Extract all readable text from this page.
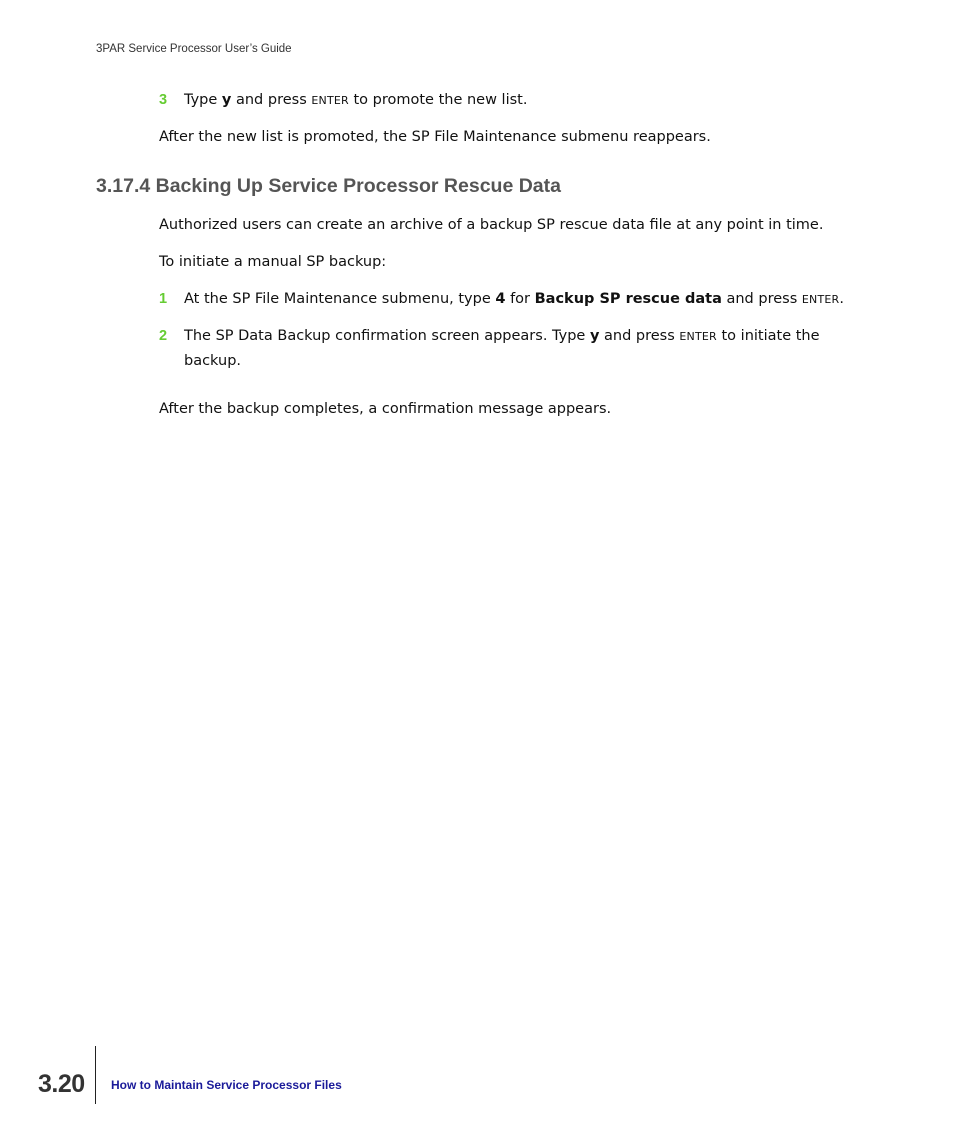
3PAR Service Processor User’s Guide
3 Type y and press ENTER to promote the new list.
After the new list is promoted, the SP File Maintenance submenu reappears.
3.17.4 Backing Up Service Processor Rescue Data
Authorized users can create an archive of a backup SP rescue data file at any point in time.
To initiate a manual SP backup:
1 At the SP File Maintenance submenu, type 4 for Backup SP rescue data and press ENTER.
2 The SP Data Backup confirmation screen appears. Type y and press ENTER to initiate the backup.
After the backup completes, a confirmation message appears.
3.20 How to Maintain Service Processor Files
